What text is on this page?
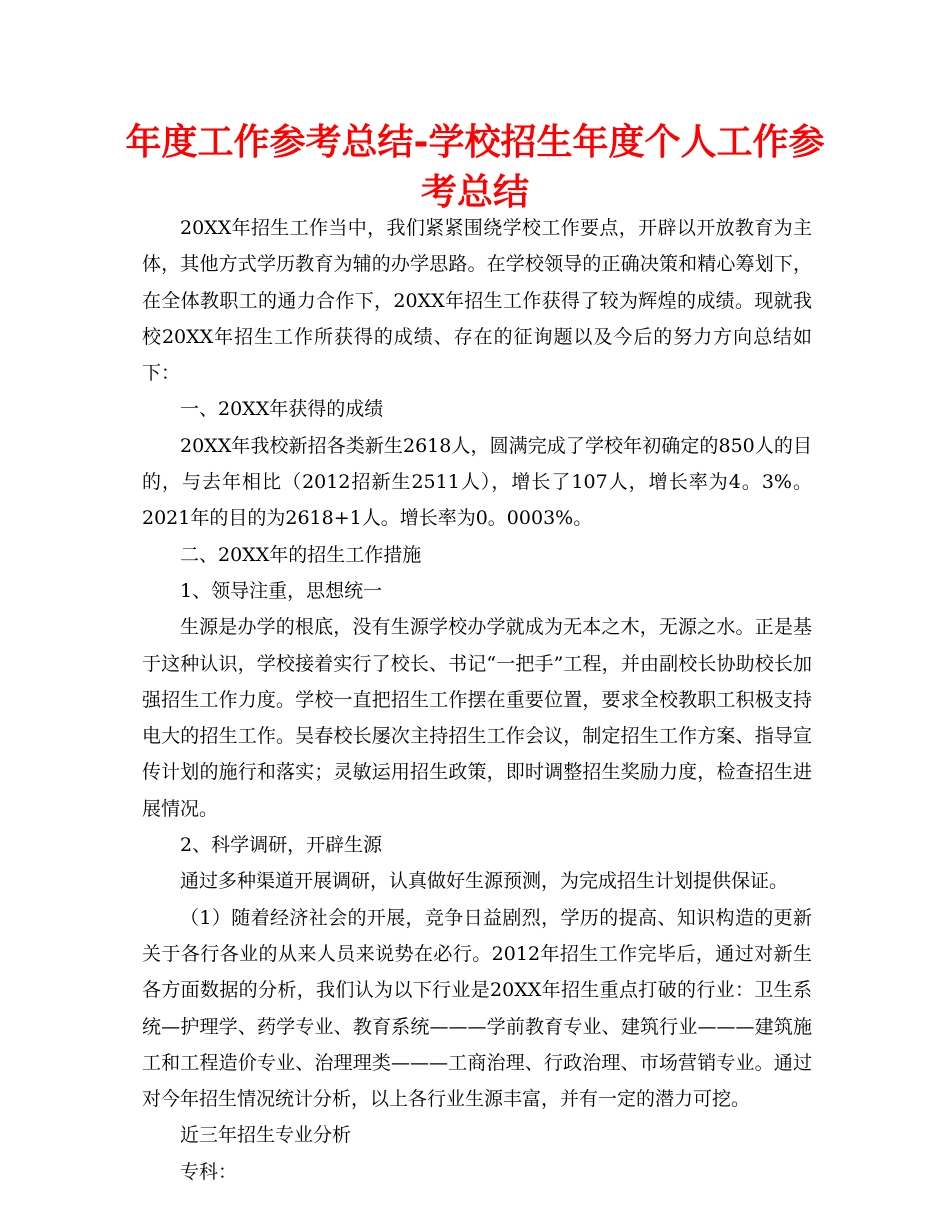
年度工作参考总结-学校招生年度个人工作参考总结

20XX年招生工作当中，我们紧紧围绕学校工作要点，开辟以开放教育为主体，其他方式学历教育为辅的办学思路。在学校领导的正确决策和精心筹划下，在全体教职工的通力合作下，20XX年招生工作获得了较为辉煌的成绩。现就我校20XX年招生工作所获得的成绩、存在的征询题以及今后的努力方向总结如下：

一、20XX年获得的成绩

20XX年我校新招各类新生2618人，圆满完成了学校年初确定的850人的目的，与去年相比（2012招新生2511人），增长了107人，增长率为4。3%。2021年的目的为2618+1人。增长率为0。0003%。

二、20XX年的招生工作措施

1、领导注重，思想统一

生源是办学的根底，没有生源学校办学就成为无本之木，无源之水。正是基于这种认识，学校接着实行了校长、书记“一把手”工程，并由副校长协助校长加强招生工作力度。学校一直把招生工作摆在重要位置，要求全校教职工积极支持电大的招生工作。吴春校长屡次主持招生工作会议，制定招生工作方案、指导宣传计划的施行和落实；灵敏运用招生政策，即时调整招生奖励力度，检查招生进展情况。

2、科学调研，开辟生源

通过多种渠道开展调研，认真做好生源预测，为完成招生计划提供保证。

（1）随着经济社会的开展，竞争日益剧烈，学历的提高、知识构造的更新关于各行各业的从来人员来说势在必行。2012年招生工作完毕后，通过对新生各方面数据的分析，我们认为以下行业是20XX年招生重点打破的行业：卫生系统—护理学、药学专业、教育系统———学前教育专业、建筑行业———建筑施工和工程造价专业、治理理类———工商治理、行政治理、市场营销专业。通过对今年招生情况统计分析，以上各行业生源丰富，并有一定的潜力可挖。

近三年招生专业分析

专科：
